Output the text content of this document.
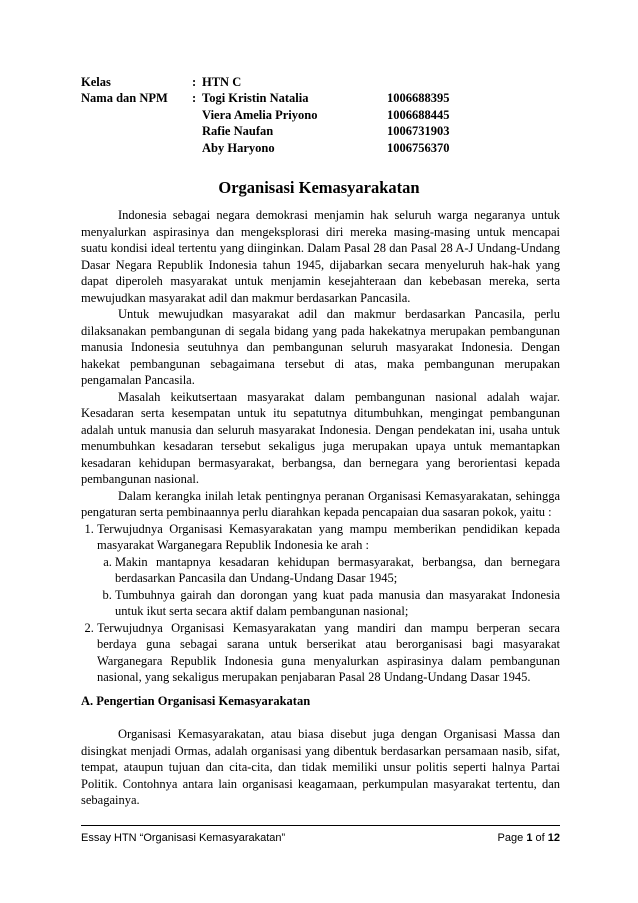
Kelas	: HTN C
Nama dan NPM : Togi Kristin Natalia	1006688395
Viera Amelia Priyono	1006688445
Rafie Naufan	1006731903
Aby Haryono	1006756370
Organisasi Kemasyarakatan

Indonesia sebagai negara demokrasi menjamin hak seluruh warga negaranya untuk menyalurkan aspirasinya dan mengeksplorasi diri mereka masing-masing untuk mencapai suatu kondisi ideal tertentu yang diinginkan. Dalam Pasal 28 dan Pasal 28 A-J Undang-Undang Dasar Negara Republik Indonesia tahun 1945, dijabarkan secara menyeluruh hak-hak yang dapat diperoleh masyarakat untuk menjamin kesejahteraan dan kebebasan mereka, serta mewujudkan masyarakat adil dan makmur berdasarkan Pancasila.

Untuk mewujudkan masyarakat adil dan makmur berdasarkan Pancasila, perlu dilaksanakan pembangunan di segala bidang yang pada hakekatnya merupakan pembangunan manusia Indonesia seutuhnya dan pembangunan seluruh masyarakat Indonesia. Dengan hakekat pembangunan sebagaimana tersebut di atas, maka pembangunan merupakan pengamalan Pancasila.

Masalah keikutsertaan masyarakat dalam pembangunan nasional adalah wajar. Kesadaran serta kesempatan untuk itu sepatutnya ditumbuhkan, mengingat pembangunan adalah untuk manusia dan seluruh masyarakat Indonesia. Dengan pendekatan ini, usaha untuk menumbuhkan kesadaran tersebut sekaligus juga merupakan upaya untuk memantapkan kesadaran kehidupan bermasyarakat, berbangsa, dan bernegara yang berorientasi kepada pembangunan nasional.

Dalam kerangka inilah letak pentingnya peranan Organisasi Kemasyarakatan, sehingga pengaturan serta pembinaannya perlu diarahkan kepada pencapaian dua sasaran pokok, yaitu :

1. Terwujudnya Organisasi Kemasyarakatan yang mampu memberikan pendidikan kepada masyarakat Warganegara Republik Indonesia ke arah :
a. Makin mantapnya kesadaran kehidupan bermasyarakat, berbangsa, dan bernegara berdasarkan Pancasila dan Undang-Undang Dasar 1945;
b. Tumbuhnya gairah dan dorongan yang kuat pada manusia dan masyarakat Indonesia untuk ikut serta secara aktif dalam pembangunan nasional;
2. Terwujudnya Organisasi Kemasyarakatan yang mandiri dan mampu berperan secara berdaya guna sebagai sarana untuk berserikat atau berorganisasi bagi masyarakat Warganegara Republik Indonesia guna menyalurkan aspirasinya dalam pembangunan nasional, yang sekaligus merupakan penjabaran Pasal 28 Undang-Undang Dasar 1945.
A. Pengertian Organisasi Kemasyarakatan

Organisasi Kemasyarakatan, atau biasa disebut juga dengan Organisasi Massa dan disingkat menjadi Ormas, adalah organisasi yang dibentuk berdasarkan persamaan nasib, sifat, tempat, ataupun tujuan dan cita-cita, dan tidak memiliki unsur politis seperti halnya Partai Politik. Contohnya antara lain organisasi keagamaan, perkumpulan masyarakat tertentu, dan sebagainya.

Essay HTN “Organisasi Kemasyarakatan”	Page 1 of 12
